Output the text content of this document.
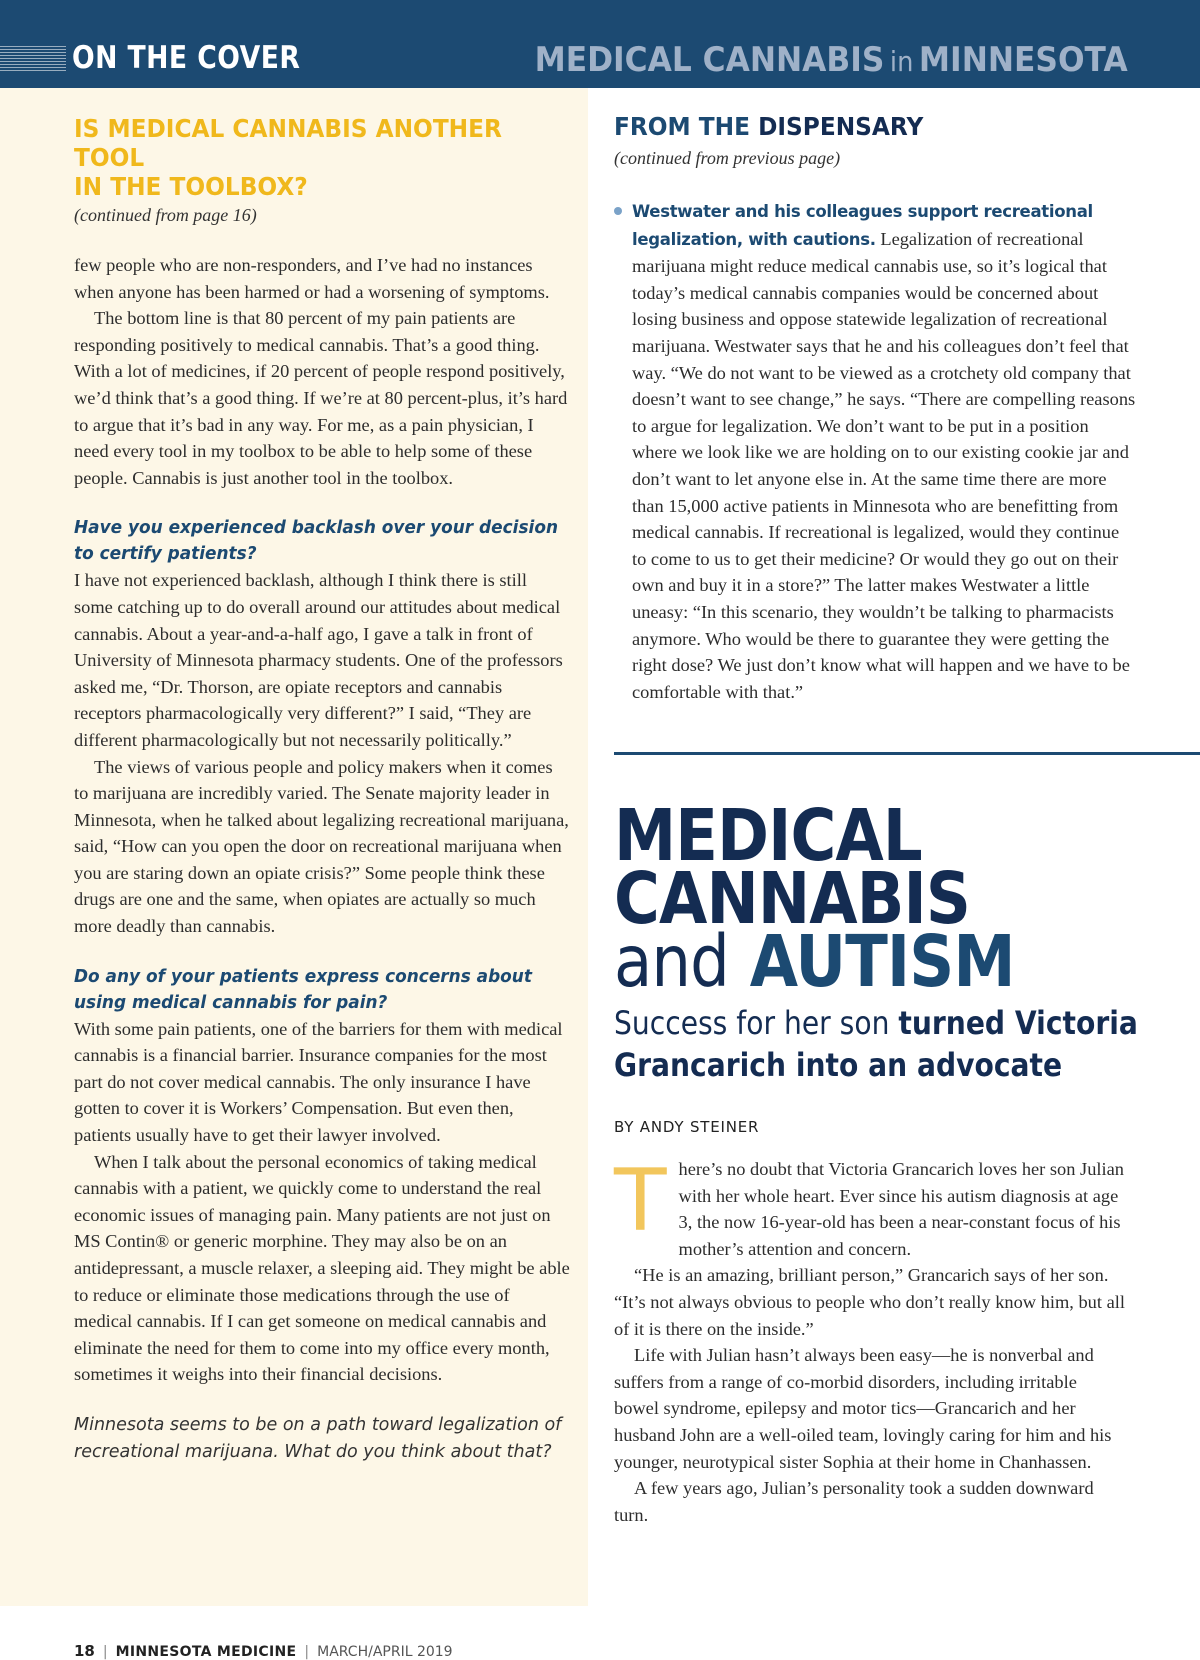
ON THE COVER	MEDICAL CANNABIS in MINNESOTA
IS MEDICAL CANNABIS ANOTHER TOOL
IN THE TOOLBOX?
(continued from page 16)

few people who are non-responders, and I’ve had no instances when anyone has been harmed or had a worsening of symptoms.

The bottom line is that 80 percent of my pain patients are responding positively to medical cannabis. That’s a good thing. With a lot of medicines, if 20 percent of people respond positively, we’d think that’s a good thing. If we’re at 80 percent-plus, it’s hard to argue that it’s bad in any way. For me, as a pain physician, I need every tool in my toolbox to be able to help some of these people. Cannabis is just another tool in the toolbox.

Have you experienced backlash over your decision to certify patients?

I have not experienced backlash, although I think there is still some catching up to do overall around our attitudes about medical cannabis. About a year-and-a-half ago, I gave a talk in front of University of Minnesota pharmacy students. One of the professors asked me, “Dr. Thorson, are opiate receptors and cannabis receptors pharmacologically very different?” I said, “They are different pharmacologically but not necessarily politically.”

The views of various people and policy makers when it comes to marijuana are incredibly varied. The Senate majority leader in Minnesota, when he talked about legalizing recreational marijuana, said, “How can you open the door on recreational marijuana when you are staring down an opiate crisis?” Some people think these drugs are one and the same, when opiates are actually so much more deadly than cannabis.

Do any of your patients express concerns about using medical cannabis for pain?

With some pain patients, one of the barriers for them with medical cannabis is a financial barrier. Insurance companies for the most part do not cover medical cannabis. The only insurance I have gotten to cover it is Workers’ Compensation. But even then, patients usually have to get their lawyer involved.

When I talk about the personal economics of taking medical cannabis with a patient, we quickly come to understand the real economic issues of managing pain. Many patients are not just on MS Contin® or generic morphine. They may also be on an antidepressant, a muscle relaxer, a sleeping aid. They might be able to reduce or eliminate those medications through the use of medical cannabis. If I can get someone on medical cannabis and eliminate the need for them to come into my office every month, sometimes it weighs into their financial decisions.

Minnesota seems to be on a path toward legalization of recreational marijuana. What do you think about that?
18 | MINNESOTA MEDICINE | MARCH/APRIL 2019
FROM THE DISPENSARY
(continued from previous page)
Westwater and his colleagues support recreational legalization, with cautions. Legalization of recreational marijuana might reduce medical cannabis use, so it’s logical that today’s medical cannabis companies would be concerned about losing business and oppose statewide legalization of recreational marijuana. Westwater says that he and his colleagues don’t feel that way. “We do not want to be viewed as a crotchety old company that doesn’t want to see change,” he says. “There are compelling reasons to argue for legalization. We don’t want to be put in a position where we look like we are holding on to our existing cookie jar and don’t want to let anyone else in. At the same time there are more than 15,000 active patients in Minnesota who are benefitting from medical cannabis. If recreational is legalized, would they continue to come to us to get their medicine? Or would they go out on their own and buy it in a store?” The latter makes Westwater a little uneasy: “In this scenario, they wouldn’t be talking to pharmacists anymore. Who would be there to guarantee they were getting the right dose? We just don’t know what will happen and we have to be comfortable with that.”
MEDICAL
CANNABIS
and AUTISM
Success for her son turned Victoria Grancarich into an advocate
BY ANDY STEINER
T here’s no doubt that Victoria Grancarich loves her son Julian with her whole heart. Ever since his autism diagnosis at age 3, the now 16-year-old has been a near-constant focus of his mother’s attention and concern.

“He is an amazing, brilliant person,” Grancarich says of her son. “It’s not always obvious to people who don’t really know him, but all of it is there on the inside.”

Life with Julian hasn’t always been easy—he is nonverbal and suffers from a range of co-morbid disorders, including irritable bowel syndrome, epilepsy and motor tics—Grancarich and her husband John are a well-oiled team, lovingly caring for him and his younger, neurotypical sister Sophia at their home in Chanhassen.

A few years ago, Julian’s personality took a sudden downward turn.
